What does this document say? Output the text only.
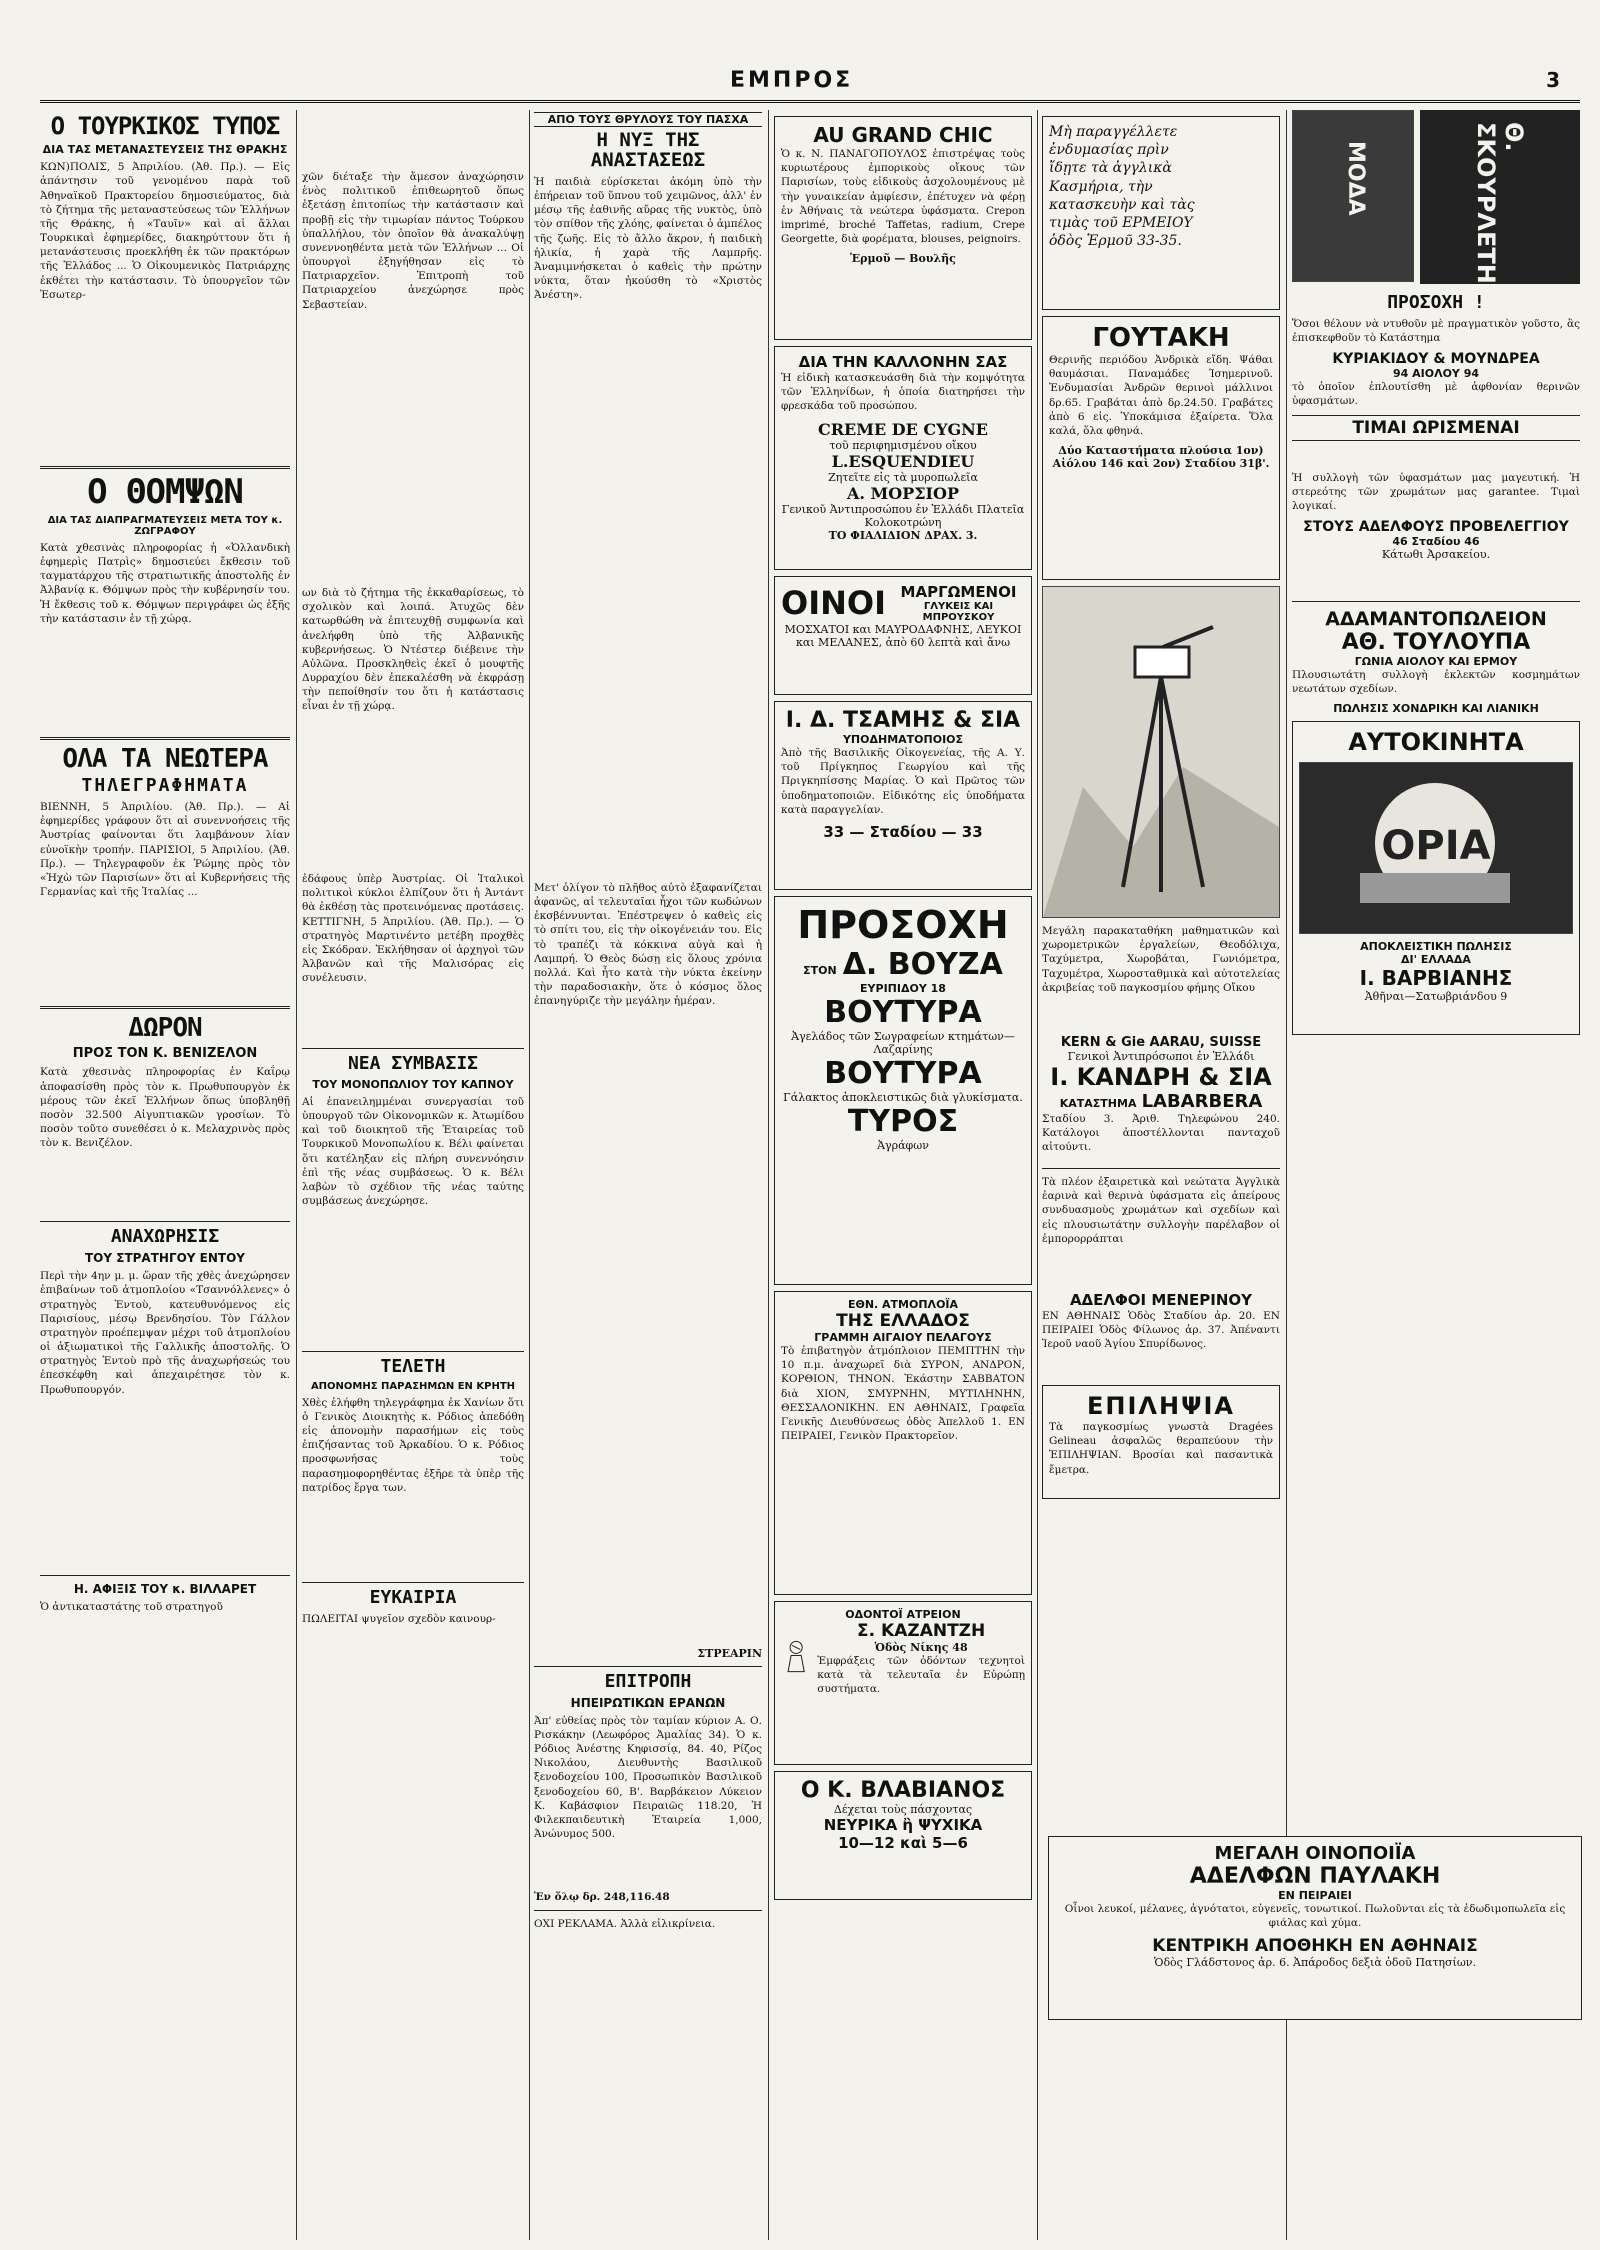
ΕΜΠΡΟΣ	3
Ο ΤΟΥΡΚΙΚΟΣ ΤΥΠΟΣ
ΔΙΑ ΤΑΣ ΜΕΤΑΝΑΣΤΕΥΣΕΙΣ ΤΗΣ ΘΡΑΚΗΣ

ΚΩΝ)ΠΟΛΙΣ, 5 Ἀπριλίου. (Ἀθ. Πρ.). — Εἰς ἀπάντησιν τοῦ γενομένου παρὰ τοῦ Ἀθηναϊκοῦ Πρακτορείου δημοσιεύματος, διὰ τὸ ζήτημα τῆς μεταναστεύσεως τῶν Ἑλλήνων τῆς Θράκης, ἡ «Ταυῖν» καὶ αἱ ἄλλαι Τουρκικαὶ ἐφημερίδες, διακηρύττουν ὅτι ἡ μετανάστευσις προεκλήθη ἐκ τῶν πρακτόρων τῆς Ἑλλάδος ... Ὁ Οἰκουμενικὸς Πατριάρχης ἐκθέτει τὴν κατάστασιν. Τὸ ὑπουργεῖον τῶν Ἐσωτερ-

Ο ΘΟΜΨΩΝ
ΔΙΑ ΤΑΣ ΔΙΑΠΡΑΓΜΑΤΕΥΣΕΙΣ ΜΕΤΑ ΤΟΥ κ. ΖΩΓΡΑΦΟΥ

Κατὰ χθεσινὰς πληροφορίας ἡ «Ὀλλανδικὴ ἐφημερὶς Πατρὶς» δημοσιεύει ἔκθεσιν τοῦ ταγματάρχου τῆς στρατιωτικῆς ἀποστολῆς ἐν Ἀλβανίᾳ κ. Θόμψων πρὸς τὴν κυβέρνησίν του. Ἡ ἔκθεσις τοῦ κ. Θόμψων περιγράφει ὡς ἑξῆς τὴν κατάστασιν ἐν τῇ χώρᾳ.

ΟΛΑ ΤΑ ΝΕΩΤΕΡΑ
ΤΗΛΕΓΡΑΦΗΜΑΤΑ

ΒΙΕΝΝΗ, 5 Ἀπριλίου. (Ἀθ. Πρ.). — Αἱ ἐφημερίδες γράφουν ὅτι αἱ συνεννοήσεις τῆς Ἀυστρίας φαίνονται ὅτι λαμβάνουν λίαν εὐνοϊκὴν τροπήν. ΠΑΡΙΣΙΟΙ, 5 Ἀπριλίου. (Ἀθ. Πρ.). — Τηλεγραφοῦν ἐκ Ῥώμης πρὸς τὸν «Ἠχὼ τῶν Παρισίων» ὅτι αἱ Κυβερνήσεις τῆς Γερμανίας καὶ τῆς Ἰταλίας ...

ΔΩΡΟΝ
ΠΡΟΣ ΤΟΝ Κ. ΒΕΝΙΖΕΛΟΝ

Κατὰ χθεσινὰς πληροφορίας ἐν Καΐρῳ ἀποφασίσθη πρὸς τὸν κ. Πρωθυπουργὸν ἐκ μέρους τῶν ἐκεῖ Ἑλλήνων ὅπως ὑποβληθῇ ποσὸν 32.500 Αἰγυπτιακῶν γροσίων. Τὸ ποσὸν τοῦτο συνεθέσει ὁ κ. Μελαχρινὸς πρὸς τὸν κ. Βενιζέλον.

ΑΝΑΧΩΡΗΣΙΣ
ΤΟΥ ΣΤΡΑΤΗΓΟΥ ΕΝΤΟΥ

Περὶ τὴν 4ην μ. μ. ὥραν τῆς χθὲς ἀνεχώρησεν ἐπιβαίνων τοῦ ἀτμοπλοίου «Τσαννόλλενες» ὁ στρατηγὸς Ἐντοὺ, κατευθυνόμενος εἰς Παρισίους, μέσῳ Βρενδησίου. Τὸν Γάλλον στρατηγὸν προέπεμψαν μέχρι τοῦ ἀτμοπλοίου οἱ ἀξιωματικοὶ τῆς Γαλλικῆς ἀποστολῆς. Ὁ στρατηγὸς Ἐντοὺ πρὸ τῆς ἀναχωρήσεώς του ἐπεσκέφθη καὶ ἀπεχαιρέτησε τὸν κ. Πρωθυπουργόν.

Η. ΑΦΙΞΙΣ ΤΟΥ κ. ΒΙΛΛΑΡΕΤ

Ὁ ἀντικαταστάτης τοῦ στρατηγοῦ

χῶν διέταξε τὴν ἄμεσον ἀναχώρησιν ἑνὸς πολιτικοῦ ἐπιθεωρητοῦ ὅπως ἐξετάσῃ ἐπιτοπίως τὴν κατάστασιν καὶ προβῇ εἰς τὴν τιμωρίαν πάντος Τούρκου ὑπαλλήλου, τὸν ὁποῖον θὰ ἀνακαλύψῃ συνεννοηθέντα μετὰ τῶν Ἑλλήνων ... Οἱ ὑπουργοὶ ἐξηγήθησαν εἰς τὸ Πατριαρχεῖον. Ἐπιτροπὴ τοῦ Πατριαρχείου ἀνεχώρησε πρὸς Σεβαστείαν.

ων διὰ τὸ ζήτημα τῆς ἐκκαθαρίσεως, τὸ σχολικὸν καὶ λοιπά. Ἀτυχῶς δὲν κατωρθώθη νὰ ἐπιτευχθῇ συμφωνία καὶ ἀνελήφθη ὑπὸ τῆς Ἀλβανικῆς κυβερνήσεως. Ὁ Ντέστερ διέβεινε τὴν Αὐλῶνα. Προσκληθεὶς ἐκεῖ ὁ μουφτῆς Δυρραχίου δὲν ἐπεκαλέσθη νὰ ἐκφράσῃ τὴν πεποίθησίν του ὅτι ἡ κατάστασις εἶναι ἐν τῇ χώρᾳ.

ἐδάφους ὑπὲρ Ἀυστρίας. Οἱ Ἰταλικοὶ πολιτικοὶ κύκλοι ἐλπίζουν ὅτι ἡ Ἀντάντ θὰ ἐκθέσῃ τὰς προτεινόμενας προτάσεις. ΚΕΤΤΙΓΝΗ, 5 Ἀπριλίου. (Ἀθ. Πρ.). — Ὁ στρατηγὸς Μαρτινέντο μετέβη προχθὲς εἰς Σκόδραν. Ἐκλήθησαν οἱ ἀρχηγοὶ τῶν Ἀλβανῶν καὶ τῆς Μαλισόρας εἰς συνέλευσιν.

ΝΕΑ ΣΥΜΒΑΣΙΣ
ΤΟΥ ΜΟΝΟΠΩΛΙΟΥ ΤΟΥ ΚΑΠΝΟΥ

Αἱ ἐπανειλημμέναι συνεργασίαι τοῦ ὑπουργοῦ τῶν Οἰκονομικῶν κ. Ἀτωμίδου καὶ τοῦ διοικητοῦ τῆς Ἐταιρείας τοῦ Τουρκικοῦ Μονοπωλίου κ. Βέλι φαίνεται ὅτι κατέληξαν εἰς πλήρη συνεννόησιν ἐπὶ τῆς νέας συμβάσεως. Ὁ κ. Βέλι λαβὼν τὸ σχέδιον τῆς νέας ταύτης συμβάσεως ἀνεχώρησε.

ΤΕΛΕΤΗ
ΑΠΟΝΟΜΗΣ ΠΑΡΑΣΗΜΩΝ ΕΝ ΚΡΗΤΗ

Χθὲς ἐλήφθη τηλεγράφημα ἐκ Χανίων ὅτι ὁ Γενικὸς Διοικητὴς κ. Ρόδιος ἀπεδόθη εἰς ἀπονομὴν παρασήμων εἰς τοὺς ἐπιζήσαντας τοῦ Ἀρκαδίου. Ὁ κ. Ρόδιος προσφωνήσας τοὺς παρασημοφορηθέντας ἐξῆρε τὰ ὑπὲρ τῆς πατρίδος ἔργα των.

ΕΥΚΑΙΡΙΑ

ΠΩΛΕΙΤΑΙ ψυγεῖον σχεδὸν καινουρ-

ΑΠΟ ΤΟΥΣ ΘΡΥΛΟΥΣ ΤΟΥ ΠΑΣΧΑ
Η ΝΥΞ ΤΗΣ ΑΝΑΣΤΑΣΕΩΣ

Ἡ παιδιὰ εὑρίσκεται ἀκόμη ὑπὸ τὴν ἐπήρειαν τοῦ ὕπνου τοῦ χειμῶνος, ἀλλ' ἐν μέσῳ τῆς ἐαθινῆς αὔρας τῆς νυκτὸς, ὑπὸ τὸν σπίθον τῆς χλόης, φαίνεται ὁ ἀμπέλος τῆς ζωῆς. Εἰς τὸ ἄλλο ἄκρον, ἡ παιδικὴ ἡλικία, ἡ χαρὰ τῆς Λαμπρῆς. Ἀναμιμνήσκεται ὁ καθεὶς τὴν πρώτην νύκτα, ὅταν ἠκούσθη τὸ «Χριστὸς Ἀνέστη».

Μετ' ὀλίγον τὸ πλῆθος αὐτὸ ἐξαφανίζεται ἀφανῶς, αἱ τελευταῖαι ἦχοι τῶν κωδώνων ἐκσβέννυνται. Ἐπέστρεψεν ὁ καθεὶς εἰς τὸ σπίτι του, εἰς τὴν οἰκογένειάν του. Εἰς τὸ τραπέζι τὰ κόκκινα αὐγὰ καὶ ἡ Λαμπρή. Ὁ Θεὸς δώσῃ εἰς ὅλους χρόνια πολλά. Καὶ ἦτο κατὰ τὴν νύκτα ἐκείνην τὴν παραδοσιακὴν, ὅτε ὁ κόσμος ὅλος ἐπανηγύριζε τὴν μεγάλην ἡμέραν.

ΣΤΡΕΑΡΙΝ
ΕΠΙΤΡΟΠΗ
ΗΠΕΙΡΩΤΙΚΩΝ ΕΡΑΝΩΝ

Ἀπ' εὐθείας πρὸς τὸν ταμίαν κύριον Α. Ο. Ρισκάκην (Λεωφόρος Ἀμαλίας 34). Ὁ κ. Ρόδιος Ἀνέστης Κηφισσίᾳ, 84. 40, Ρίζος Νικολάου, Διευθυντὴς Βασιλικοῦ ξενοδοχείου 100, Προσωπικὸν Βασιλικοῦ ξενοδοχείου 60, Β'. Βαρβάκειον Λύκειον Κ. Καβάσφιον Πειραιῶς 118.20, Ἡ Φιλεκπαιδευτικὴ Ἑταιρεία 1,000, Ἀνώνυμος 500.

Ἐν ὅλῳ δρ. 248,116.48

ΟΧΙ ΡΕΚΛΑΜΑ. Ἀλλὰ εἰλικρίνεια.

AU GRAND CHIC

Ὁ κ. Ν. ΠΑΝΑΓΟΠΟΥΛΟΣ ἐπιστρέψας τοὺς κυριωτέρους ἐμπορικοὺς οἴκους τῶν Παρισίων, τοὺς εἰδικοὺς ἀσχολουμένους μὲ τὴν γυναικείαν ἀμφίεσιν, ἐπέτυχεν νὰ φέρῃ ἐν Ἀθήναις τὰ νεώτερα ὑφάσματα. Crepon imprimé, broché Taffetas, radium, Crepe Georgette, διὰ φορέματα, blouses, peignoirs.

Ἑρμοῦ — Βουλῆς
ΔΙΑ ΤΗΝ ΚΑΛΛΟΝΗΝ ΣΑΣ

Ἡ εἰδικὴ κατασκευάσθη διὰ τὴν κομψότητα τῶν Ἑλληνίδων, ἡ ὁποία διατηρήσει τὴν φρεσκάδα τοῦ προσώπου.

CREME DE CYGNE
τοῦ περιφημισμένου οἴκου
L.ESQUENDIEU
Ζητεῖτε εἰς τὰ μυροπωλεῖα
Α. ΜΟΡΣΙΟΡ
Γενικοῦ Ἀντιπροσώπου ἐν Ἑλλάδι Πλατεῖα Κολοκοτρώνη
ΤΟ ΦΙΑΛΙΔΙΟΝ ΔΡΑΧ. 3.
ΟΙΝΟΙ ΜΑΡΓΩΜΕΝΟΙ
ΓΛΥΚΕΙΣ ΚΑΙ ΜΠΡΟΥΣΚΟΥ
ΜΟΣΧΑΤΟΙ και ΜΑΥΡΟΔΑΦΝΗΣ, ΛΕΥΚΟΙ και ΜΕΛΑΝΕΣ, ἀπὸ 60 λεπτὰ καὶ ἄνω
Ι. Δ. ΤΣΑΜΗΣ & ΣΙΑ
ΥΠΟΔΗΜΑΤΟΠΟΙΟΣ

Ἀπὸ τῆς Βασιλικῆς Οἰκογενείας, τῆς Α. Υ. τοῦ Πρίγκηπος Γεωργίου καὶ τῆς Πριγκηπίσσης Μαρίας. Ὁ καὶ Πρῶτος τῶν ὑποδηματοποιῶν. Εἰδικότης εἰς ὑποδήματα κατὰ παραγγελίαν.

33 — Σταδίου — 33
ΠΡΟΣΟΧΗ
ΣΤΟΝ Δ. ΒΟΥΖΑ
ΕΥΡΙΠΙΔΟΥ 18
ΒΟΥΤΥΡΑ
Ἀγελάδος τῶν Σωγραφείων κτημάτων—Λαζαρίνης
ΒΟΥΤΥΡΑ
Γάλακτος ἀποκλειστικῶς διὰ γλυκίσματα.
ΤΥΡΟΣ
Ἀγράφων
ΕΘΝ. ΑΤΜΟΠΛΟΪΑ
ΤΗΣ ΕΛΛΑΔΟΣ
ΓΡΑΜΜΗ ΑΙΓΑΙΟΥ ΠΕΛΑΓΟΥΣ

Τὸ ἐπιβατηγὸν ἀτμόπλοιον ΠΕΜΠΤΗΝ τὴν 10 π.μ. ἀναχωρεῖ διὰ ΣΥΡΟΝ, ΑΝΔΡΟΝ, ΚΟΡΘΙΟΝ, ΤΗΝΟΝ. Ἑκάστην ΣΑΒΒΑΤΟΝ διὰ ΧΙΟΝ, ΣΜΥΡΝΗΝ, ΜΥΤΙΛΗΝΗΝ, ΘΕΣΣΑΛΟΝΙΚΗΝ. ΕΝ ΑΘΗΝΑΙΣ, Γραφεῖα Γενικῆς Διευθύνσεως ὁδὸς Ἀπελλοῦ 1. ΕΝ ΠΕΙΡΑΙΕΙ, Γενικὸν Πρακτορεῖον.

ΟΔΟΝΤΟΪ ΑΤΡΕΙΟΝ
Σ. ΚΑΖΑΝΤΖΗ
Ὁδὸς Νίκης 48

Ἐμφράξεις τῶν ὀδόντων τεχνητοὶ κατὰ τὰ τελευταῖα ἐν Εὐρώπῃ συστήματα.

Ο Κ. ΒΛΑΒΙΑΝΟΣ
Δέχεται τοὺς πάσχοντας
ΝΕΥΡΙΚΑ ἢ ΨΥΧΙΚΑ
10—12 καὶ 5—6
Μὴ παραγγέλλετε
ἐνδυμασίας πρὶν
ἴδῃτε τὰ ἀγγλικὰ
Κασμήρια, τὴν
κατασκευὴν καὶ τὰς
τιμὰς τοῦ ΕΡΜΕΙΟΥ
ὁδὸς Ἑρμοῦ 33-35.
ΓΟΥΤΑΚΗ

Θερινῆς περιόδου Ἀνδρικὰ εἴδη. Ψάθαι θαυμάσιαι. Παναμάδες Ἰσημερινοῦ. Ἐνδυμασίαι Ἀνδρῶν θερινοὶ μάλλινοι δρ.65. Γραβάται ἀπὸ δρ.24.50. Γραβάτες ἀπὸ 6 εἰς. Ὑποκάμισα ἐξαίρετα. Ὅλα καλά, ὅλα φθηνά.

Δύο Καταστήματα πλούσια 1ον) Αἰόλου 146 καὶ 2ον) Σταδίου 31β'.

Μεγάλη παρακαταθήκη μαθηματικῶν καὶ χωρομετρικῶν ἐργαλείων, Θεοδόλιχα, Ταχύμετρα, Χωροβάται, Γωνιόμετρα, Ταχυμέτρα, Χωροσταθμικὰ καὶ αὐτοτελείας ἀκριβείας τοῦ παγκοσμίου φήμης Οἴκου

KERN & Gie AARAU, SUISSE
Γενικοὶ Ἀντιπρόσωποι ἐν Ἑλλάδι
Ι. ΚΑΝΔΡΗ & ΣΙΑ
ΚΑΤΑΣΤΗΜΑ LABARBERA

Σταδίου 3. Ἀριθ. Τηλεφώνου 240. Κατάλογοι ἀποστέλλονται πανταχοῦ αἰτούντι.

Τὰ πλέον ἐξαιρετικὰ καὶ νεώτατα Ἀγγλικὰ ἐαρινὰ καὶ θερινὰ ὑφάσματα εἰς ἀπείρους συνδυασμοὺς χρωμάτων καὶ σχεδίων καὶ εἰς πλουσιωτάτην συλλογὴν παρέλαβον οἱ ἐμπορορράπται

ΑΔΕΛΦΟΙ ΜΕΝΕΡΙΝΟΥ

ΕΝ ΑΘΗΝΑΙΣ Ὁδὸς Σταδίου ἀρ. 20. ΕΝ ΠΕΙΡΑΙΕΙ Ὁδὸς Φίλωνος ἀρ. 37. Ἀπέναντι Ἱεροῦ ναοῦ Ἁγίου Σπυρίδωνος.

ΕΠΙΛΗΨΙΑ

Τὰ παγκοσμίως γνωστὰ Dragées Gelineau ἀσφαλῶς θεραπεύουν τὴν ἘΠΙΛΗΨΙΑΝ. Βροσίαι καὶ πασαντικὰ ἔμετρα.

ΜΕΓΑΛΗ ΟΙΝΟΠΟΙΪΑ
ΑΔΕΛΦΩΝ ΠΑΥΛΑΚΗ
ΕΝ ΠΕΙΡΑΙΕΙ

Οἶνοι λευκοί, μέλανες, ἀγνότατοι, εὐγενεῖς, τονωτικοί. Πωλοῦνται εἰς τὰ ἐδωδιμοπωλεῖα εἰς φιάλας καὶ χύμα.

ΚΕΝΤΡΙΚΗ ΑΠΟΘΗΚΗ ΕΝ ΑΘΗΝΑΙΣ
Ὁδὸς Γλάδστονος ἀρ. 6. Ἀπάροδος δεξιὰ ὁδοῦ Πατησίων.
ΜΟΔΑ
Θ. ΣΚΟΥΡΛΕΤΗ
ΠΡΟΣΟΧΗ !

Ὅσοι θέλουν νὰ ντυθοῦν μὲ πραγματικὸν γοῦστο, ἂς ἐπισκεφθοῦν τὸ Κατάστημα

ΚΥΡΙΑΚΙΔΟΥ & ΜΟΥΝΔΡΕΑ
94 ΑΙΟΛΟΥ 94

τὸ ὁποῖον ἐπλουτίσθη μὲ ἀφθονίαν θερινῶν ὑφασμάτων.

ΤΙΜΑΙ ΩΡΙΣΜΕΝΑΙ

Ἡ συλλογὴ τῶν ὑφασμάτων μας μαγευτική. Ἡ στερεότης τῶν χρωμάτων μας garantee. Τιμαὶ λογικαί.

ΣΤΟΥΣ ΑΔΕΛΦΟΥΣ ΠΡΟΒΕΛΕΓΓΙΟΥ
46 Σταδίου 46
Κάτωθι Ἀρσακείου.
ΑΔΑΜΑΝΤΟΠΩΛΕΙΟΝ
ΑΘ. ΤΟΥΛΟΥΠΑ
ΓΩΝΙΑ ΑΙΟΛΟΥ ΚΑΙ ΕΡΜΟΥ

Πλουσιωτάτη συλλογὴ ἐκλεκτῶν κοσμημάτων νεωτάτων σχεδίων.

ΠΩΛΗΣΙΣ ΧΟΝΔΡΙΚΗ ΚΑΙ ΛΙΑΝΙΚΗ
ΑΥΤΟΚΙΝΗΤΑ
ΟΡΙΑ
ΑΠΟΚΛΕΙΣΤΙΚΗ ΠΩΛΗΣΙΣ
ΔΙ' ΕΛΛΑΔΑ
Ι. ΒΑΡΒΙΑΝΗΣ
Ἀθῆναι—Σατωβριάνδου 9
